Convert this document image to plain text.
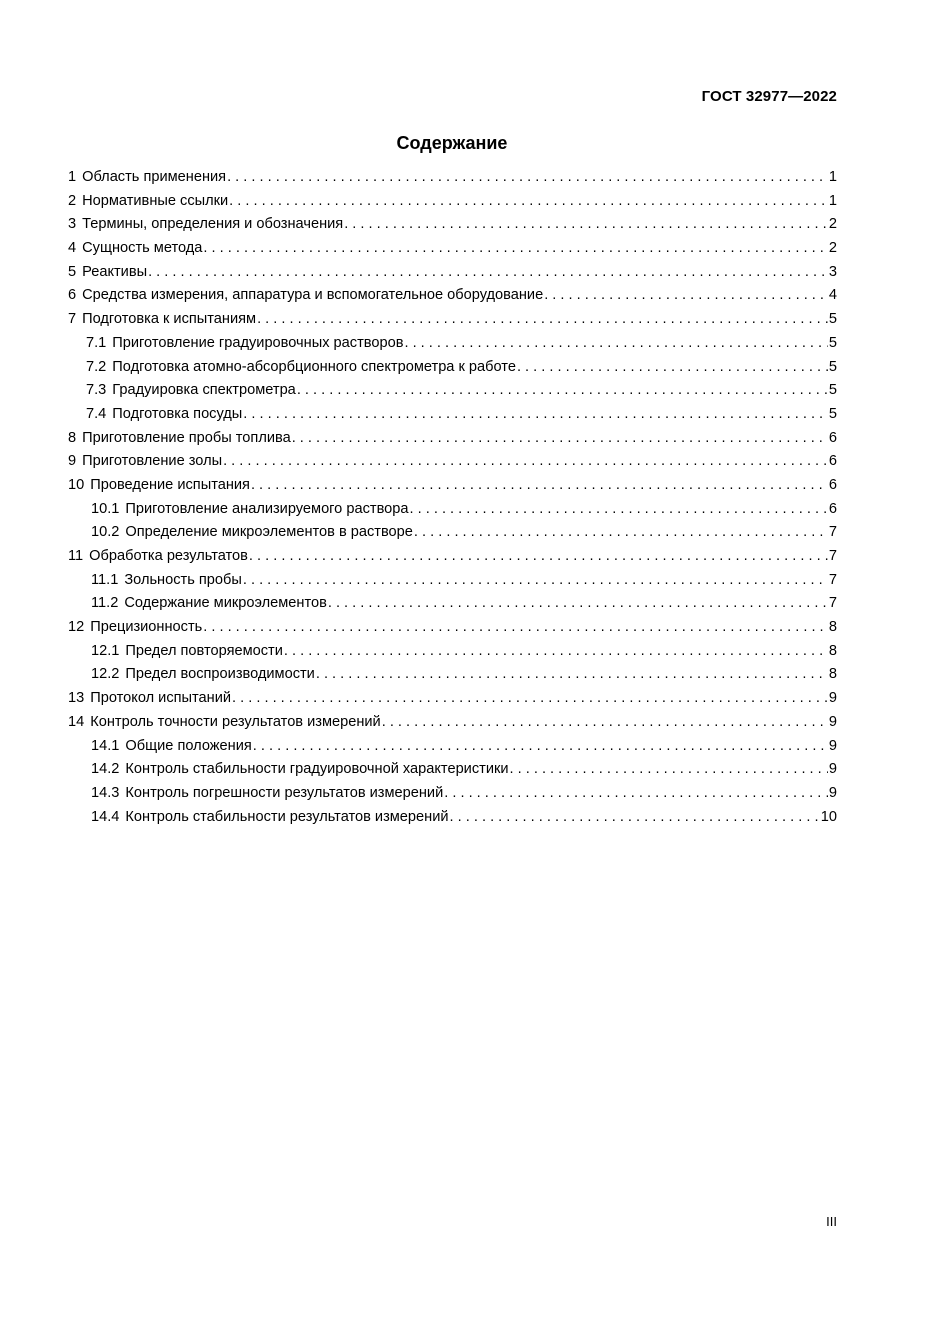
ГОСТ 32977—2022
Содержание
1 Область применения . . .	1
2 Нормативные ссылки . . .	1
3 Термины, определения и обозначения . . .	2
4 Сущность метода . . .	2
5 Реактивы . . .	3
6 Средства измерения, аппаратура и вспомогательное оборудование . . .	4
7 Подготовка к испытаниям . . .	5
7.1 Приготовление градуировочных растворов . . .	5
7.2 Подготовка атомно-абсорбционного спектрометра к работе . . .	5
7.3 Градуировка спектрометра . . .	5
7.4 Подготовка посуды . . .	5
8 Приготовление пробы топлива . . .	6
9 Приготовление золы . . .	6
10 Проведение испытания . . .	6
10.1 Приготовление анализируемого раствора . . .	6
10.2 Определение микроэлементов в растворе . . .	7
11 Обработка результатов . . .	7
11.1 Зольность пробы . . .	7
11.2 Содержание микроэлементов . . .	7
12 Прецизионность . . .	8
12.1 Предел повторяемости . . .	8
12.2 Предел воспроизводимости . . .	8
13 Протокол испытаний . . .	9
14 Контроль точности результатов измерений . . .	9
14.1 Общие положения . . .	9
14.2 Контроль стабильности градуировочной характеристики . . .	9
14.3 Контроль погрешности результатов измерений . . .	9
14.4 Контроль стабильности результатов измерений . . .	10
III
